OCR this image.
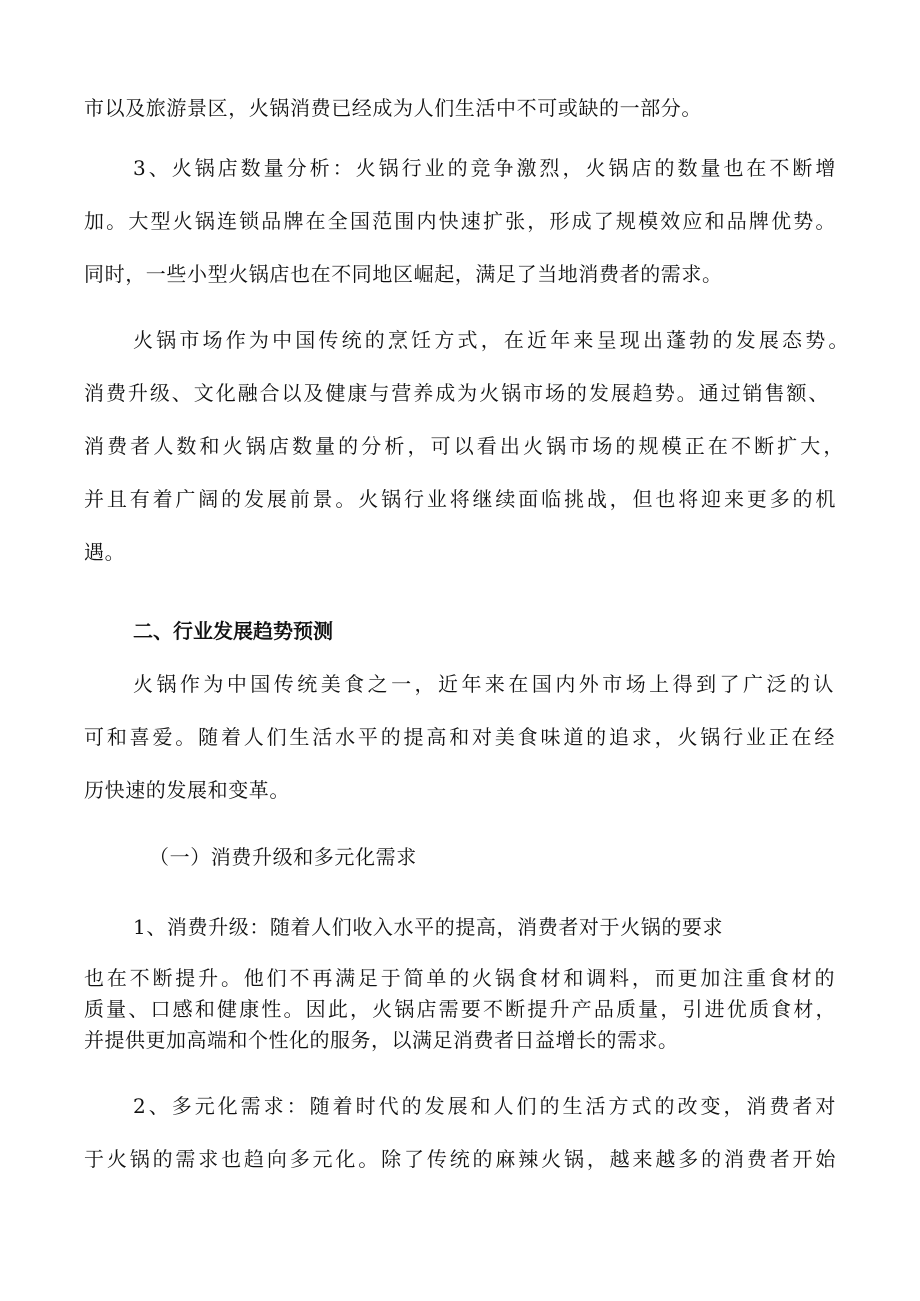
市以及旅游景区，火锅消费已经成为人们生活中不可或缺的一部分。
3、火锅店数量分析：火锅行业的竞争激烈，火锅店的数量也在不断增
加。大型火锅连锁品牌在全国范围内快速扩张，形成了规模效应和品牌优势。
同时，一些小型火锅店也在不同地区崛起，满足了当地消费者的需求。
火锅市场作为中国传统的烹饪方式，在近年来呈现出蓬勃的发展态势。
消费升级、文化融合以及健康与营养成为火锅市场的发展趋势。通过销售额、
消费者人数和火锅店数量的分析，可以看出火锅市场的规模正在不断扩大，
并且有着广阔的发展前景。火锅行业将继续面临挑战，但也将迎来更多的机
遇。
二、行业发展趋势预测
火锅作为中国传统美食之一，近年来在国内外市场上得到了广泛的认
可和喜爱。随着人们生活水平的提高和对美食味道的追求，火锅行业正在经
历快速的发展和变革。
（一）消费升级和多元化需求
1、消费升级：随着人们收入水平的提高，消费者对于火锅的要求
也在不断提升。他们不再满足于简单的火锅食材和调料，而更加注重食材的
质量、口感和健康性。因此，火锅店需要不断提升产品质量，引进优质食材，
并提供更加高端和个性化的服务，以满足消费者日益增长的需求。
2、多元化需求：随着时代的发展和人们的生活方式的改变，消费者对
于火锅的需求也趋向多元化。除了传统的麻辣火锅，越来越多的消费者开始
